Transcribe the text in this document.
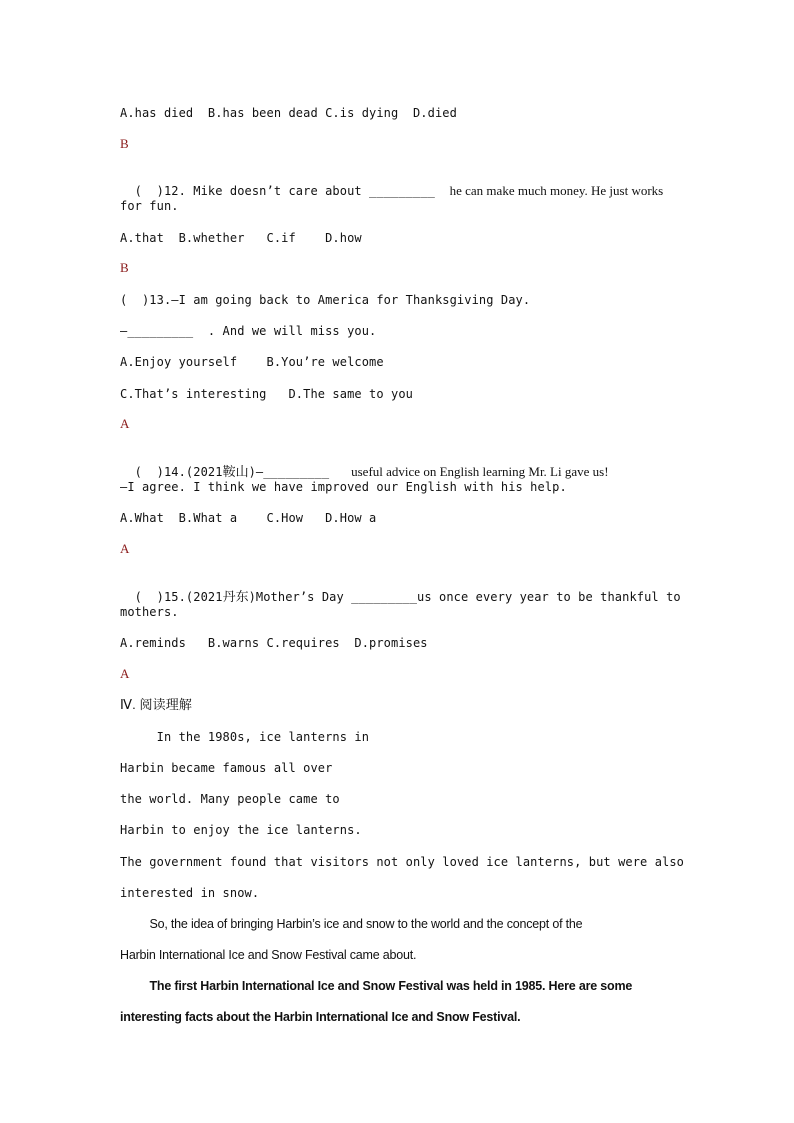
A.has died  B.has been dead C.is dying  D.died
B

(  )12. Mike doesn’t care about _________  he can make much money. He just works

for fun.
A.that  B.whether   C.if    D.how
B
(  )13.—I am going back to America for Thanksgiving Day.
—_________  . And we will miss you.
A.Enjoy yourself    B.You’re welcome
C.That’s interesting   D.The same to you
A

(  )14.(2021鞍山)—_________   useful advice on English learning Mr. Li gave us!

—I agree. I think we have improved our English with his help.
A.What  B.What a    C.How   D.How a
A

(  )15.(2021丹东)Mother’s Day _________us once every year to be thankful to

mothers.
A.reminds   B.warns C.requires  D.promises
A
Ⅳ. 阅读理解
In the 1980s, ice lanterns in
Harbin became famous all over
the world. Many people came to
Harbin to enjoy the ice lanterns.
The government found that visitors not only loved ice lanterns, but were also
interested in snow.
So, the idea of bringing Harbin’s ice and snow to the world and the concept of the
Harbin International Ice and Snow Festival came about.
The first Harbin International Ice and Snow Festival was held in 1985. Here are some
interesting facts about the Harbin International Ice and Snow Festival.
